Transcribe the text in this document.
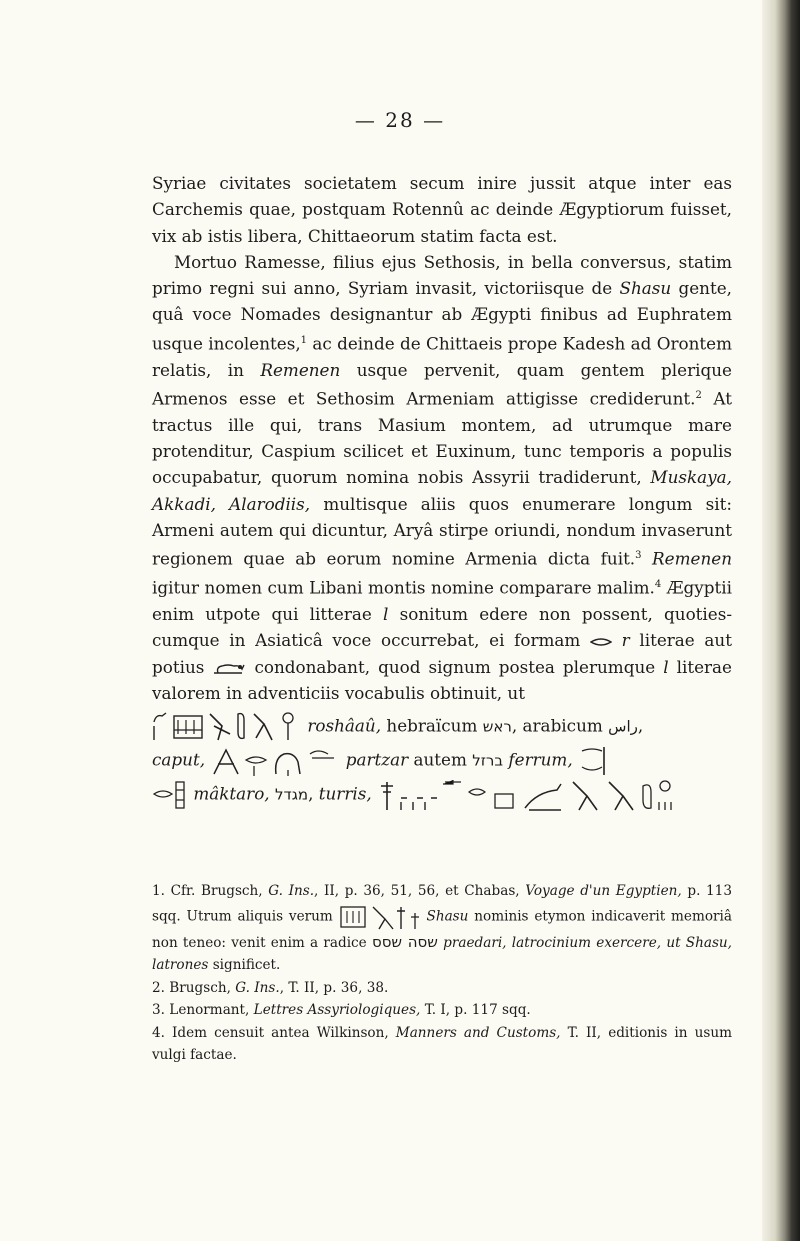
— 28 —

Syriae civitates societatem secum inire jussit atque inter eas Carchemis quae, postquam Rotennû ac deinde Ægyptiorum fuisset, vix ab istis libera, Chittaeorum statim facta est.

Mortuo Ramesse, filius ejus Sethosis, in bella conversus, statim primo regni sui anno, Syriam invasit, victoriisque de Shasu gente, quâ voce Nomades designantur ab Ægypti finibus ad Euphratem usque incolentes,$^1$ ac deinde de Chittaeis prope Kadesh ad Orontem relatis, in Remenen usque pervenit, quam gentem plerique Armenos esse et Sethosim Armeniam attigisse crediderunt.$^2$ At tractus ille qui, trans Masium montem, ad utrumque mare protenditur, Caspium scilicet et Euxinum, tunc temporis a populis occupabatur, quorum nomina nobis Assyrii tradiderunt, Muskaya, Akkadi, Alarodiis, multisque aliis quos enumerare longum sit: Armeni autem qui dicuntur, Aryâ stirpe oriundi, nondum invaserunt regionem quae ab eorum nomine Armenia dicta fuit.$^3$ Remenen igitur nomen cum Libani montis nomine comparare malim.$^4$ Ægyptii enim utpote qui litterae l sonitum edere non possent, quoties-cumque in Asiaticâ voce occurrebat, ei formam r literae aut potius	condonabant, quod signum postea plerumque l literae valorem in adventiciis vocabulis obtinuit, ut

roshâaû, hebraïcum ראש, arabicum راس,

caput,	partzar autem ברזל ferrum,

mâktaro, מגדל, turris,

1. Cfr. Brugsch, G. Ins., II, p. 36, 51, 56, et Chabas, Voyage d'un Egyptien, p. 113 sqq. Utrum aliquis verum	Shasu nominis etymon indicaverit memoriâ non teneo: venit enim a radice שסה שסס praedari, latrocinium exercere, ut Shasu, latrones significet.

2. Brugsch, G. Ins., T. II, p. 36, 38.

3. Lenormant, Lettres Assyriologiques, T. I, p. 117 sqq.

4. Idem censuit antea Wilkinson, Manners and Customs, T. II, editionis in usum vulgi factae.
